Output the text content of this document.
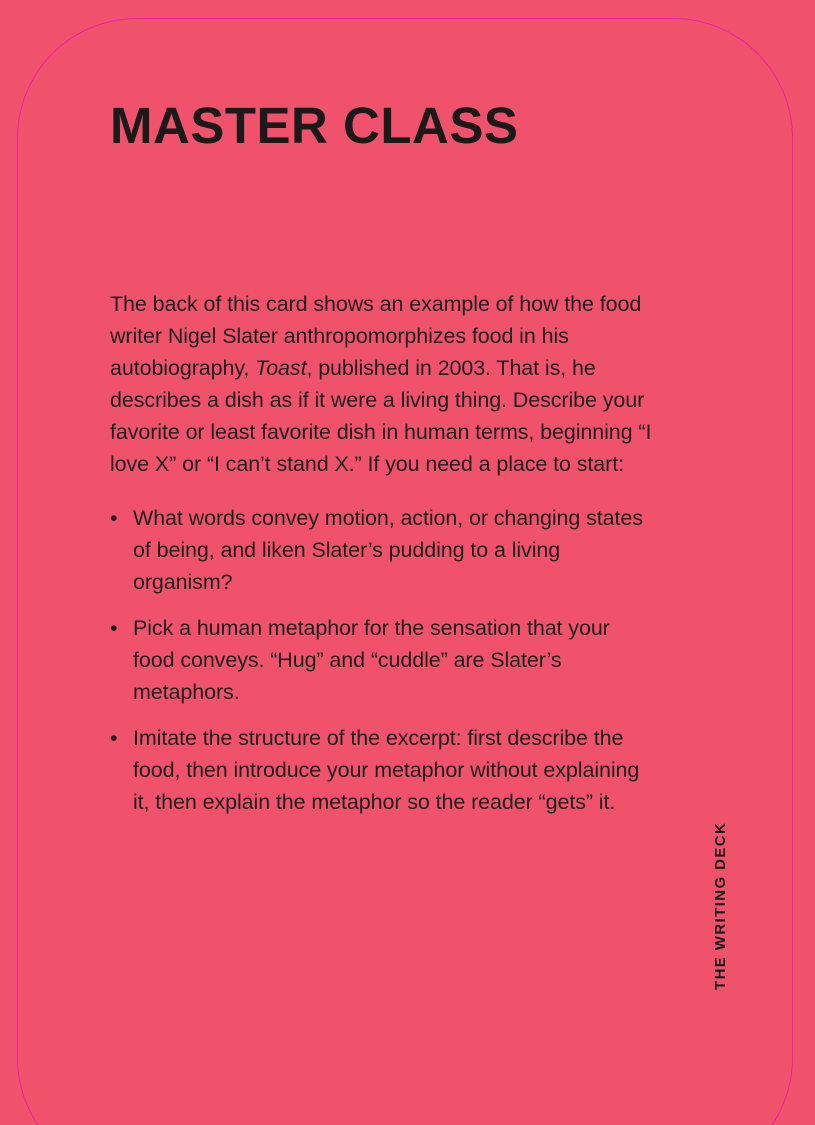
MASTER CLASS

The back of this card shows an example of how the food writer Nigel Slater anthropomorphizes food in his autobiography, Toast, published in 2003. That is, he describes a dish as if it were a living thing. Describe your favorite or least favorite dish in human terms, beginning “I love X” or “I can’t stand X.” If you need a place to start:

• What words convey motion, action, or changing states of being, and liken Slater’s pudding to a living organism?
• Pick a human metaphor for the sensation that your food conveys. “Hug” and “cuddle” are Slater’s metaphors.
• Imitate the structure of the excerpt: first describe the food, then introduce your metaphor without explaining it, then explain the metaphor so the reader “gets” it.
THE WRITING DECK
